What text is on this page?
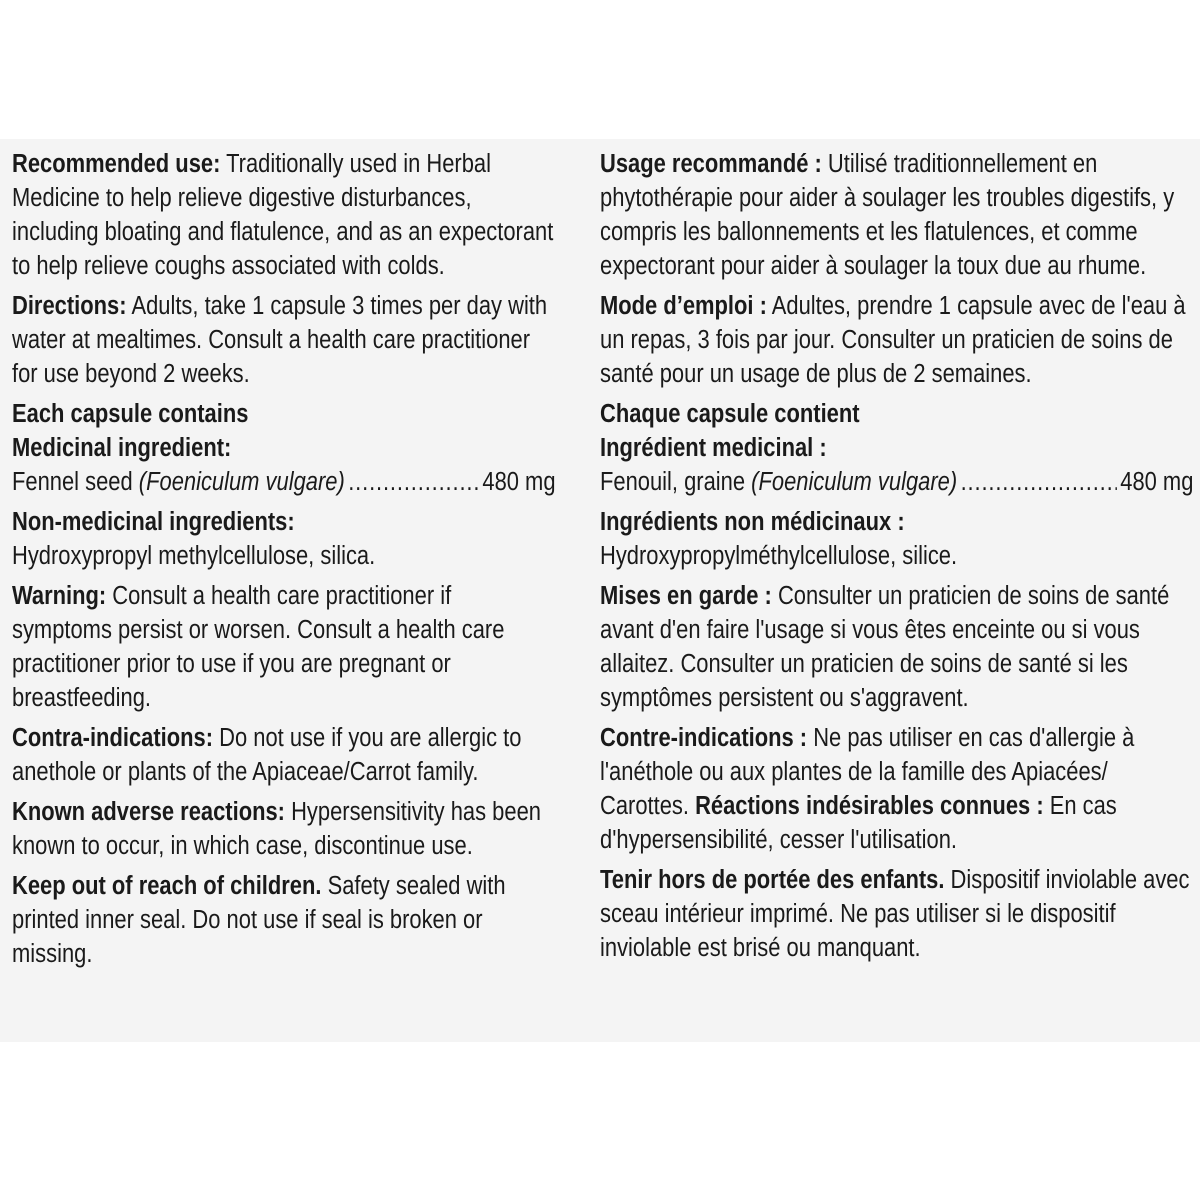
Recommended use: Traditionally used in Herbal Medicine to help relieve digestive disturbances, including bloating and flatulence, and as an expectorant to help relieve coughs associated with colds.
Directions: Adults, take 1 capsule 3 times per day with water at mealtimes. Consult a health care practitioner for use beyond 2 weeks.
Each capsule contains
Medicinal ingredient:
Fennel seed (Foeniculum vulgare) .....	480 mg
Non-medicinal ingredients:
Hydroxypropyl methylcellulose, silica.
Warning: Consult a health care practitioner if symptoms persist or worsen. Consult a health care practitioner prior to use if you are pregnant or breastfeeding.
Contra-indications: Do not use if you are allergic to anethole or plants of the Apiaceae/Carrot family.
Known adverse reactions: Hypersensitivity has been known to occur, in which case, discontinue use.
Keep out of reach of children. Safety sealed with printed inner seal. Do not use if seal is broken or missing.
Usage recommandé : Utilisé traditionnellement en phytothérapie pour aider à soulager les troubles digestifs, y compris les ballonnements et les flatulences, et comme expectorant pour aider à soulager la toux due au rhume.
Mode d’emploi : Adultes, prendre 1 capsule avec de l'eau à un repas, 3 fois par jour. Consulter un praticien de soins de santé pour un usage de plus de 2 semaines.
Chaque capsule contient
Ingrédient medicinal :
Fenouil, graine (Foeniculum vulgare) .....	480 mg
Ingrédients non médicinaux :
Hydroxypropylméthylcellulose, silice.
Mises en garde : Consulter un praticien de soins de santé avant d'en faire l'usage si vous êtes enceinte ou si vous allaitez. Consulter un praticien de soins de santé si les symptômes persistent ou s'aggravent.
Contre-indications : Ne pas utiliser en cas d'allergie à l'anéthole ou aux plantes de la famille des Apiacées/ Carottes. Réactions indésirables connues : En cas d'hypersensibilité, cesser l'utilisation.
Tenir hors de portée des enfants. Dispositif inviolable avec sceau intérieur imprimé. Ne pas utiliser si le dispositif inviolable est brisé ou manquant.
